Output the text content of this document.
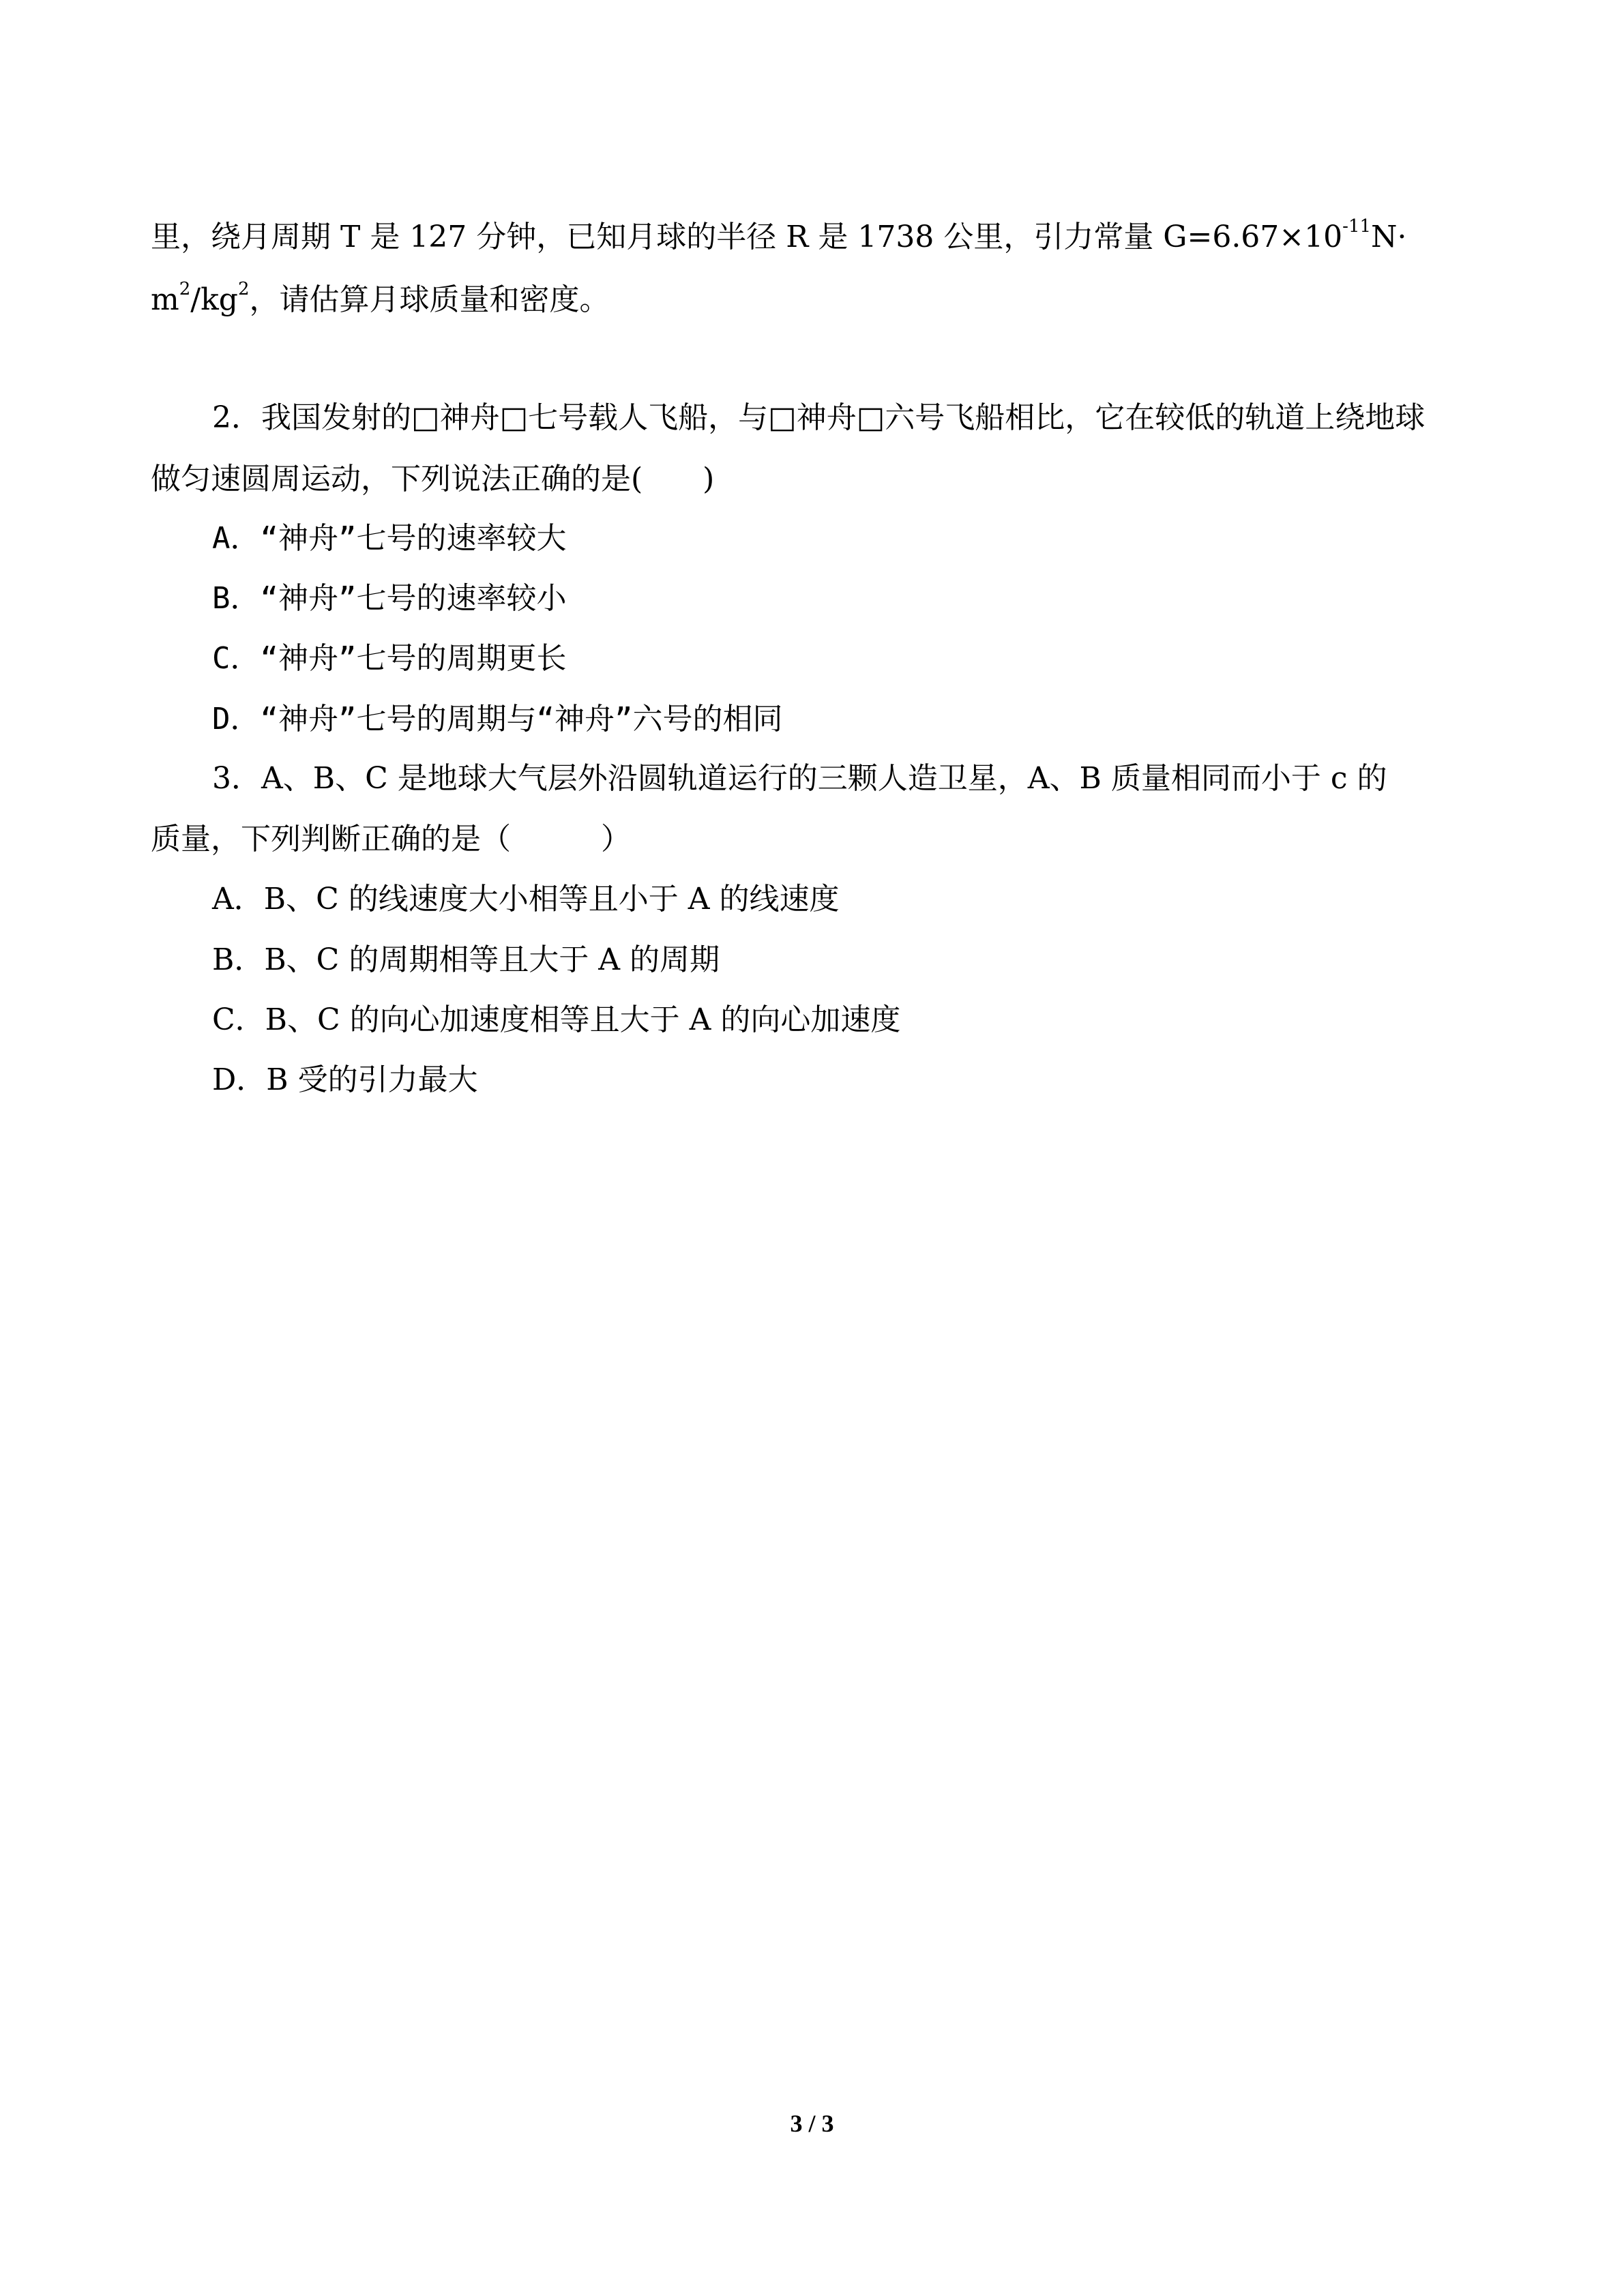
里，绕月周期 T 是 127 分钟，已知月球的半径 R 是 1738 公里，引力常量 $G=6.67\times 10^{-11}N\cdot$
$m^2/kg^2$，请估算月球质量和密度。
2．我国发射的□神舟□七号载人飞船，与□神舟□六号飞船相比，它在较低的轨道上绕地球
做匀速圆周运动，下列说法正确的是(　　)
A．“神舟”七号的速率较大
B．“神舟”七号的速率较小
C．“神舟”七号的周期更长
D．“神舟”七号的周期与“神舟”六号的相同
3．A、B、C 是地球大气层外沿圆轨道运行的三颗人造卫星，A、B 质量相同而小于 c 的
质量，下列判断正确的是（　　　）
A．B、C 的线速度大小相等且小于 A 的线速度
B．B、C 的周期相等且大于 A 的周期
C．B、C 的向心加速度相等且大于 A 的向心加速度
D．B 受的引力最大
3 / 3
